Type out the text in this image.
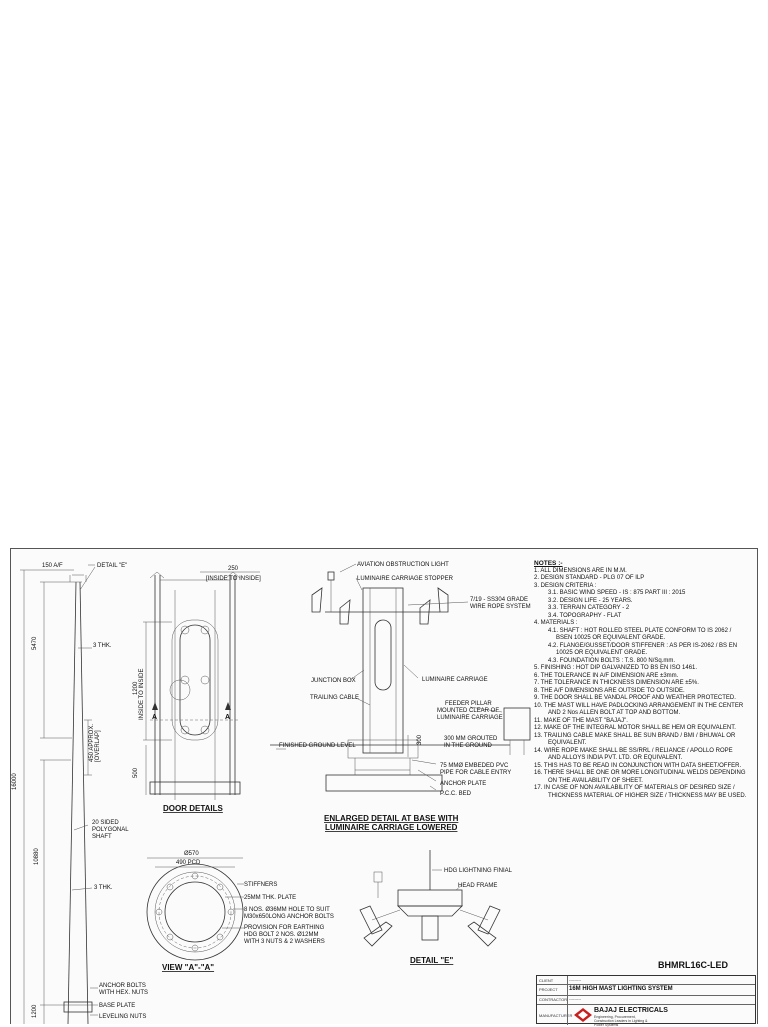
150 A/F	DETAIL "E"
5470	3 THK.
450 APPROX. [OVERLAP]
16000
10880
20 SIDED
POLYGONAL
SHAFT
3 THK.
1200
ANCHOR BOLTS
WITH HEX. NUTS
BASE PLATE
LEVELING NUTS
250
[INSIDE TO INSIDE]
1200 INSIDE TO INSIDE
500
A	A
DOOR DETAILS
AVIATION OBSTRUCTION LIGHT
LUMINAIRE CARRIAGE STOPPER
7/19 - SS304 GRADE
WIRE ROPE SYSTEM
JUNCTION BOX	LUMINAIRE CARRIAGE
TRAILING CABLE
FEEDER PILLAR
MOUNTED CLEAR OF
LUMINAIRE CARRIAGE
FINISHED GROUND LEVEL
300	300 MM GROUTED
IN THE GROUND
75 MMØ EMBEDED PVC
PIPE FOR CABLE ENTRY
ANCHOR PLATE
P.C.C. BED
ENLARGED DETAIL AT BASE WITH
LUMINAIRE CARRIAGE LOWERED
Ø570
490 PCD
STIFFNERS
25MM THK. PLATE
8 NOS. Ø36MM HOLE TO SUIT
M30x650LONG ANCHOR BOLTS
PROVISION FOR EARTHING
HDG BOLT 2 NOS. Ø12MM
WITH 3 NUTS & 2 WASHERS
VIEW "A"-"A"
HDG LIGHTNING FINIAL
HEAD FRAME
DETAIL "E"
NOTES :-
1. ALL DIMENSIONS ARE IN M.M.
2. DESIGN STANDARD - PLG 07 OF ILP
3. DESIGN CRITERIA :
3.1. BASIC WIND SPEED - IS : 875 PART III : 2015
3.2. DESIGN LIFE - 25 YEARS.
3.3. TERRAIN CATEGORY - 2
3.4. TOPOGRAPHY - FLAT
4. MATERIALS :
4.1. SHAFT : HOT ROLLED STEEL PLATE CONFORM TO IS 2062 /
BSEN 10025 OR EQUIVALENT GRADE.
4.2. FLANGE/GUSSET/DOOR STIFFENER : AS PER IS-2062 / BS EN
10025 OR EQUIVALENT GRADE.
4.3. FOUNDATION BOLTS : T.S. 800 N/Sq.mm.
5. FINISHING : HOT DIP GALVANIZED TO BS EN ISO 1461.
6. THE TOLERANCE IN A/F DIMENSION ARE ±3mm.
7. THE TOLERANCE IN THICKNESS DIMENSION ARE ±5%.
8. THE A/F DIMENSIONS ARE OUTSIDE TO OUTSIDE.
9. THE DOOR SHALL BE VANDAL PROOF AND WEATHER PROTECTED.
10. THE MAST WILL HAVE PADLOCKING ARRANGEMENT IN THE CENTER
AND 2 Nos ALLEN BOLT AT TOP AND BOTTOM.
11. MAKE OF THE MAST "BAJAJ".
12. MAKE OF THE INTEGRAL MOTOR SHALL BE HEM OR EQUIVALENT.
13. TRAILING CABLE MAKE SHALL BE SUN BRAND / BMI / BHUWAL OR
EQUIVALENT.
14. WIRE ROPE MAKE SHALL BE SS/RRL / RELIANCE / APOLLO ROPE
AND ALLOYS INDIA PVT. LTD. OR EQUIVALENT.
15. THIS HAS TO BE READ IN CONJUNCTION WITH DATA SHEET/OFFER.
16. THERE SHALL BE ONE OR MORE LONGITUDINAL WELDS DEPENDING
ON THE AVAILABILITY OF SHEET.
17. IN CASE OF NON AVAILABILITY OF MATERIALS OF DESIRED SIZE /
THICKNESS MATERIAL OF HIGHER SIZE / THICKNESS MAY BE USED.
BHMRL16C-LED
CLIENT	---------
PROJECT 16M HIGH MAST LIGHTING SYSTEM
CONTRACTOR ---------
MANUFACTURER
BAJAJ ELECTRICALS
Engineering, Procurement, Construction Leaders in Lighting & Power Systems
